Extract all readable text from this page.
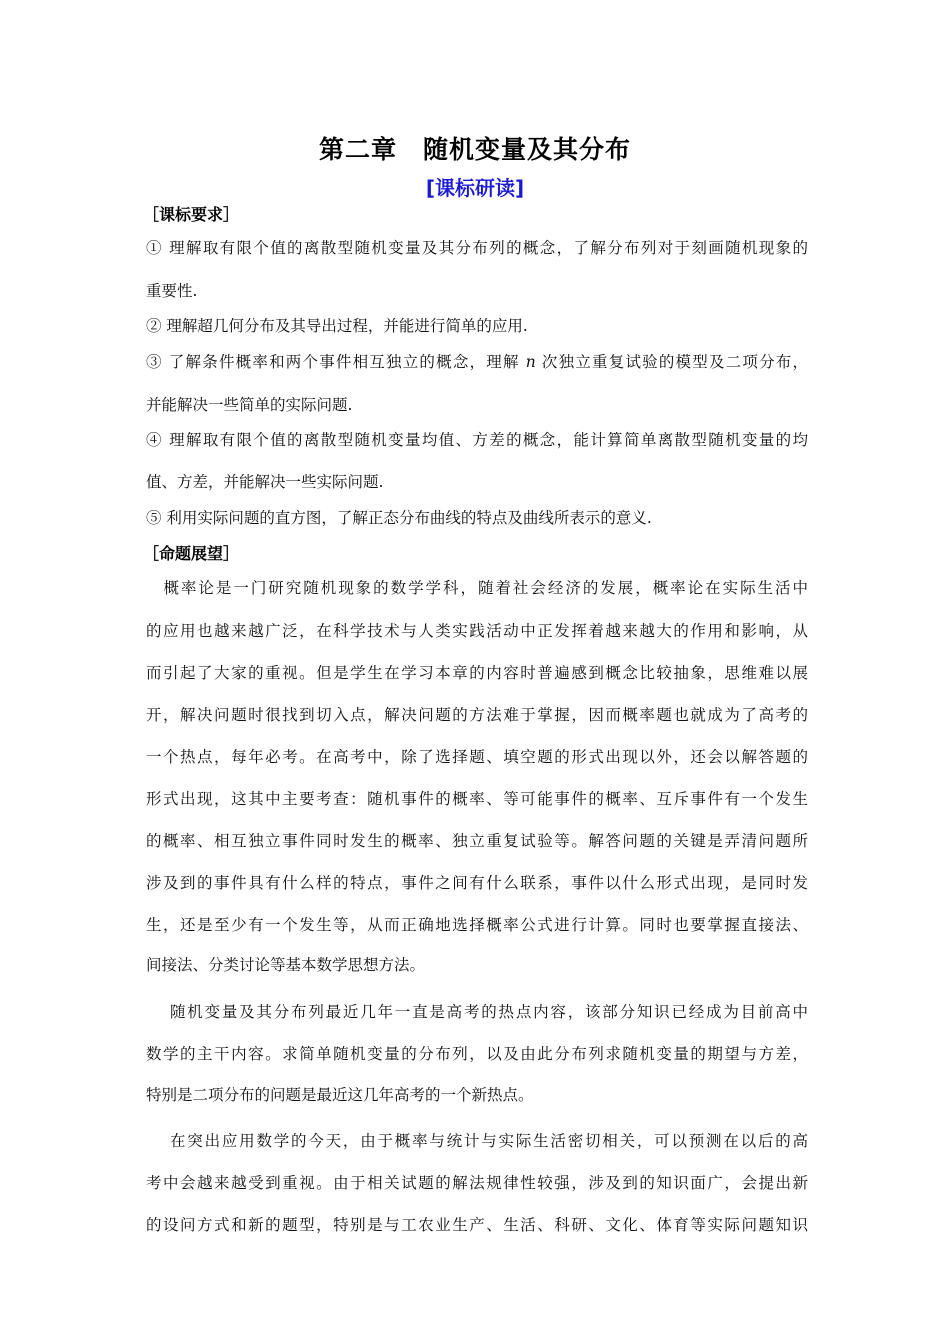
第二章　随机变量及其分布
[课标研读]
［课标要求］
① 理解取有限个值的离散型随机变量及其分布列的概念，了解分布列对于刻画随机现象的
重要性.
② 理解超几何分布及其导出过程，并能进行简单的应用.
③ 了解条件概率和两个事件相互独立的概念，理解 n 次独立重复试验的模型及二项分布，
并能解决一些简单的实际问题.
④ 理解取有限个值的离散型随机变量均值、方差的概念，能计算简单离散型随机变量的均
值、方差，并能解决一些实际问题.
⑤ 利用实际问题的直方图，了解正态分布曲线的特点及曲线所表示的意义.
［命题展望］
　概率论是一门研究随机现象的数学学科，随着社会经济的发展，概率论在实际生活中
的应用也越来越广泛，在科学技术与人类实践活动中正发挥着越来越大的作用和影响，从
而引起了大家的重视。但是学生在学习本章的内容时普遍感到概念比较抽象，思维难以展
开，解决问题时很找到切入点，解决问题的方法难于掌握，因而概率题也就成为了高考的
一个热点，每年必考。在高考中，除了选择题、填空题的形式出现以外，还会以解答题的
形式出现，这其中主要考查：随机事件的概率、等可能事件的概率、互斥事件有一个发生
的概率、相互独立事件同时发生的概率、独立重复试验等。解答问题的关键是弄清问题所
涉及到的事件具有什么样的特点，事件之间有什么联系，事件以什么形式出现，是同时发
生，还是至少有一个发生等，从而正确地选择概率公式进行计算。同时也要掌握直接法、
间接法、分类讨论等基本数学思想方法。
　 随机变量及其分布列最近几年一直是高考的热点内容，该部分知识已经成为目前高中
数学的主干内容。求简单随机变量的分布列，以及由此分布列求随机变量的期望与方差，
特别是二项分布的问题是最近这几年高考的一个新热点。
　 在突出应用数学的今天，由于概率与统计与实际生活密切相关，可以预测在以后的高
考中会越来越受到重视。由于相关试题的解法规律性较强，涉及到的知识面广，会提出新
的设问方式和新的题型，特别是与工农业生产、生活、科研、文化、体育等实际问题知识
